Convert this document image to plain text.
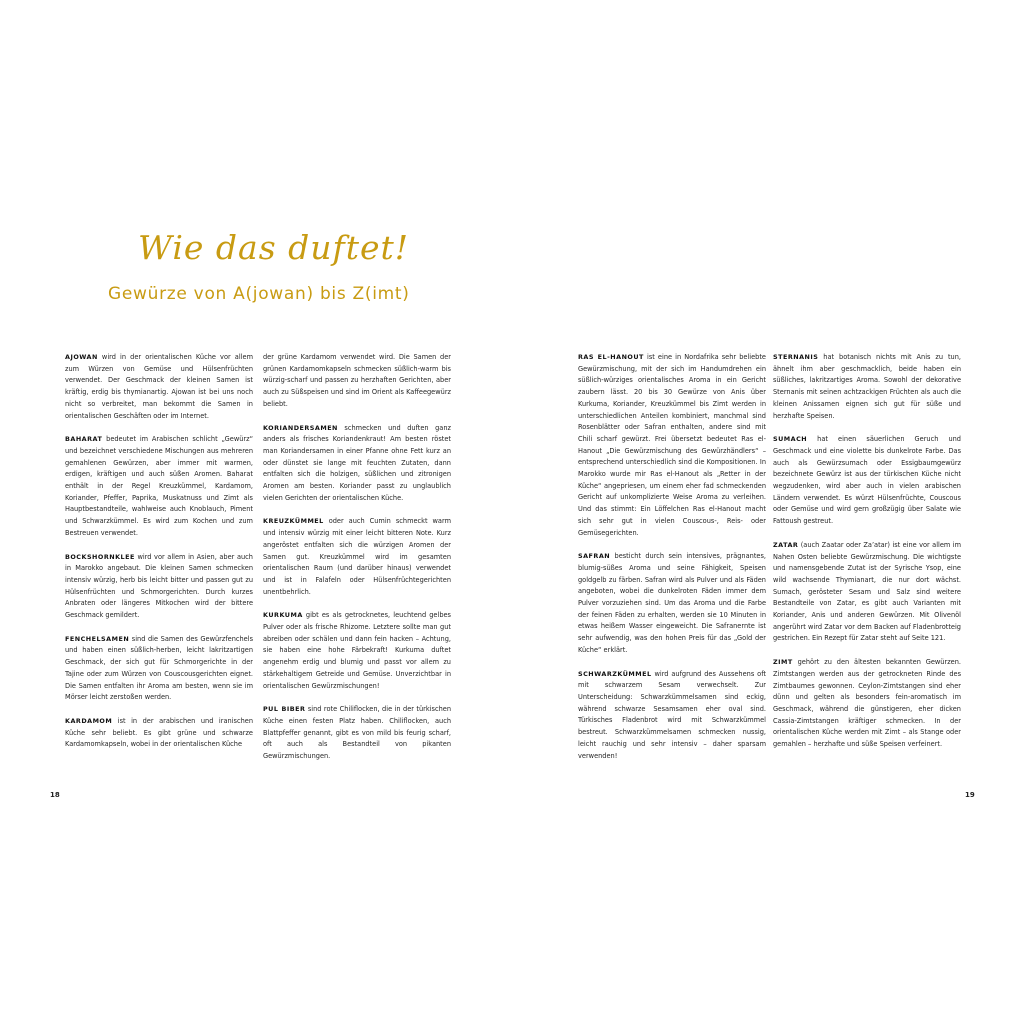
Wie das duftet!
Gewürze von A(jowan) bis Z(imt)

AJOWAN wird in der orientalischen Küche vor allem zum Würzen von Gemüse und Hülsenfrüchten verwendet. Der Geschmack der kleinen Samen ist kräftig, erdig bis thymianartig. Ajowan ist bei uns noch nicht so verbreitet, man bekommt die Samen in orientalischen Geschäften oder im Internet.

BAHARAT bedeutet im Arabischen schlicht „Gewürz“ und bezeichnet verschiedene Mischungen aus mehreren gemahlenen Gewürzen, aber immer mit warmen, erdigen, kräftigen und auch süßen Aromen. Baharat enthält in der Regel Kreuzkümmel, Kardamom, Koriander, Pfeffer, Paprika, Muskatnuss und Zimt als Hauptbestandteile, wahlweise auch Knoblauch, Piment und Schwarzkümmel. Es wird zum Kochen und zum Bestreuen verwendet.

BOCKSHORNKLEE wird vor allem in Asien, aber auch in Marokko angebaut. Die kleinen Samen schmecken intensiv würzig, herb bis leicht bitter und passen gut zu Hülsenfrüchten und Schmorgerichten. Durch kurzes Anbraten oder längeres Mitkochen wird der bittere Geschmack gemildert.

FENCHELSAMEN sind die Samen des Gewürzfenchels und haben einen süßlich-herben, leicht lakritzartigen Geschmack, der sich gut für Schmorgerichte in der Tajine oder zum Würzen von Couscousgerichten eignet. Die Samen entfalten ihr Aroma am besten, wenn sie im Mörser leicht zerstoßen werden.

KARDAMOM ist in der arabischen und iranischen Küche sehr beliebt. Es gibt grüne und schwarze Kardamomkapseln, wobei in der orientalischen Küche

der grüne Kardamom verwendet wird. Die Samen der grünen Kardamomkapseln schmecken süßlich-warm bis würzig-scharf und passen zu herzhaften Gerichten, aber auch zu Süßspeisen und sind im Orient als Kaffeegewürz beliebt.

KORIANDERSAMEN schmecken und duften ganz anders als frisches Koriandenkraut! Am besten röstet man Koriandersamen in einer Pfanne ohne Fett kurz an oder dünstet sie lange mit feuchten Zutaten, dann entfalten sich die holzigen, süßlichen und zitronigen Aromen am besten. Koriander passt zu unglaublich vielen Gerichten der orientalischen Küche.

KREUZKÜMMEL oder auch Cumin schmeckt warm und intensiv würzig mit einer leicht bitteren Note. Kurz angeröstet entfalten sich die würzigen Aromen der Samen gut. Kreuzkümmel wird im gesamten orientalischen Raum (und darüber hinaus) verwendet und ist in Falafeln oder Hülsenfrüchtegerichten unentbehrlich.

KURKUMA gibt es als getrocknetes, leuchtend gelbes Pulver oder als frische Rhizome. Letztere sollte man gut abreiben oder schälen und dann fein hacken – Achtung, sie haben eine hohe Färbekraft! Kurkuma duftet angenehm erdig und blumig und passt vor allem zu stärkehaltigem Getreide und Gemüse. Unverzichtbar in orientalischen Gewürzmischungen!

PUL BIBER sind rote Chiliflocken, die in der türkischen Küche einen festen Platz haben. Chiliflocken, auch Blattpfeffer genannt, gibt es von mild bis feurig scharf, oft auch als Bestandteil von pikanten Gewürzmischungen.

RAS EL-HANOUT ist eine in Nordafrika sehr beliebte Gewürzmischung, mit der sich im Handumdrehen ein süßlich-würziges orientalisches Aroma in ein Gericht zaubern lässt. 20 bis 30 Gewürze von Anis über Kurkuma, Koriander, Kreuzkümmel bis Zimt werden in unterschiedlichen Anteilen kombiniert, manchmal sind Rosenblätter oder Safran enthalten, andere sind mit Chili scharf gewürzt. Frei übersetzt bedeutet Ras el-Hanout „Die Gewürzmischung des Gewürzhändlers“ – entsprechend unterschiedlich sind die Kompositionen. In Marokko wurde mir Ras el-Hanout als „Retter in der Küche“ angepriesen, um einem eher fad schmeckenden Gericht auf unkomplizierte Weise Aroma zu verleihen. Und das stimmt: Ein Löffelchen Ras el-Hanout macht sich sehr gut in vielen Couscous-, Reis- oder Gemüsegerichten.

SAFRAN besticht durch sein intensives, prägnantes, blumig-süßes Aroma und seine Fähigkeit, Speisen goldgelb zu färben. Safran wird als Pulver und als Fäden angeboten, wobei die dunkelroten Fäden immer dem Pulver vorzuziehen sind. Um das Aroma und die Farbe der feinen Fäden zu erhalten, werden sie 10 Minuten in etwas heißem Wasser eingeweicht. Die Safranernte ist sehr aufwendig, was den hohen Preis für das „Gold der Küche“ erklärt.

SCHWARZKÜMMEL wird aufgrund des Aussehens oft mit schwarzem Sesam verwechselt. Zur Unterscheidung: Schwarzkümmelsamen sind eckig, während schwarze Sesamsamen eher oval sind. Türkisches Fladenbrot wird mit Schwarzkümmel bestreut. Schwarzkümmelsamen schmecken nussig, leicht rauchig und sehr intensiv – daher sparsam verwenden!

STERNANIS hat botanisch nichts mit Anis zu tun, ähnelt ihm aber geschmacklich, beide haben ein süßliches, lakritzartiges Aroma. Sowohl der dekorative Sternanis mit seinen achtzackigen Früchten als auch die kleinen Anissamen eignen sich gut für süße und herzhafte Speisen.

SUMACH hat einen säuerlichen Geruch und Geschmack und eine violette bis dunkelrote Farbe. Das auch als Gewürzsumach oder Essigbaumgewürz bezeichnete Gewürz ist aus der türkischen Küche nicht wegzudenken, wird aber auch in vielen arabischen Ländern verwendet. Es würzt Hülsenfrüchte, Couscous oder Gemüse und wird gern großzügig über Salate wie Fattoush gestreut.

ZATAR (auch Zaatar oder Za’atar) ist eine vor allem im Nahen Osten beliebte Gewürzmischung. Die wichtigste und namensgebende Zutat ist der Syrische Ysop, eine wild wachsende Thymianart, die nur dort wächst. Sumach, gerösteter Sesam und Salz sind weitere Bestandteile von Zatar, es gibt auch Varianten mit Koriander, Anis und anderen Gewürzen. Mit Olivenöl angerührt wird Zatar vor dem Backen auf Fladenbrotteig gestrichen. Ein Rezept für Zatar steht auf Seite 121.

ZIMT gehört zu den ältesten bekannten Gewürzen. Zimtstangen werden aus der getrockneten Rinde des Zimtbaumes gewonnen. Ceylon-Zimtstangen sind eher dünn und gelten als besonders fein-aromatisch im Geschmack, während die günstigeren, eher dicken Cassia-Zimtstangen kräftiger schmecken. In der orientalischen Küche werden mit Zimt – als Stange oder gemahlen – herzhafte und süße Speisen verfeinert.

18	19
